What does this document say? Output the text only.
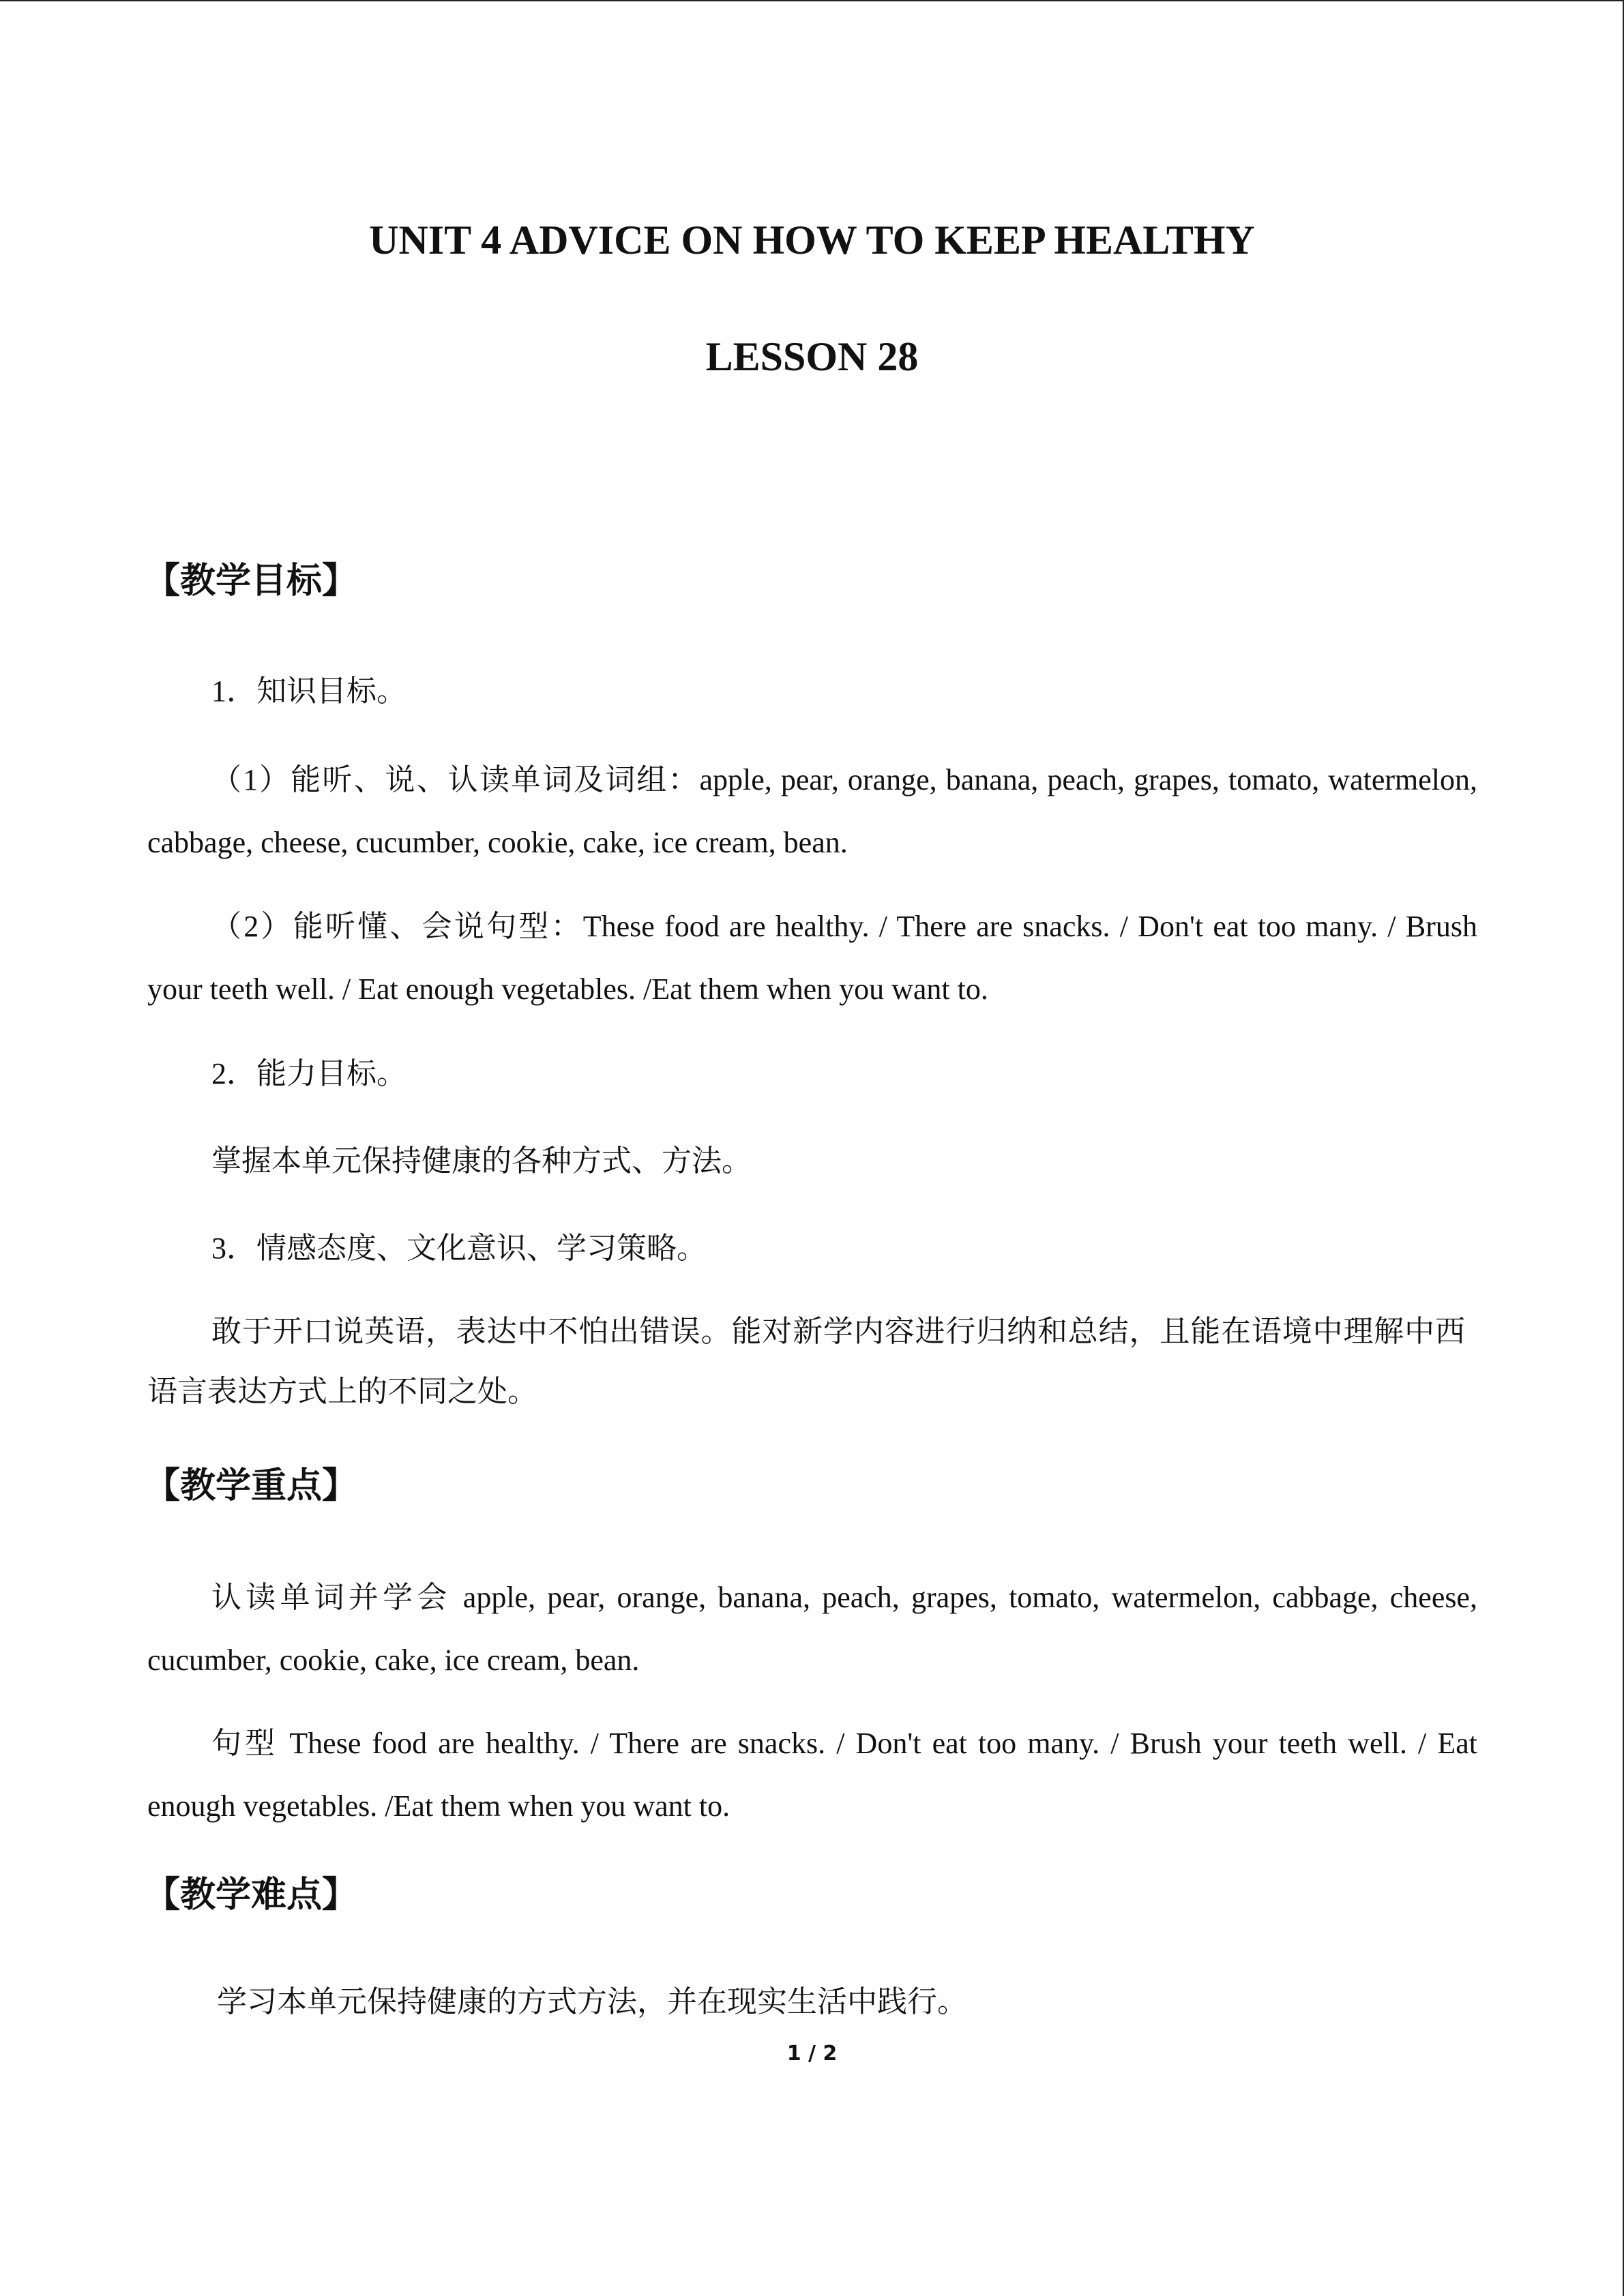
UNIT 4 ADVICE ON HOW TO KEEP HEALTHY
LESSON 28
【教学目标】
1．知识目标。
（1）能听、说、认读单词及词组：apple, pear, orange, banana, peach, grapes, tomato, watermelon, cabbage, cheese, cucumber, cookie, cake, ice cream, bean.
（2）能听懂、会说句型：These food are healthy. / There are snacks. / Don't eat too many. / Brush your teeth well. / Eat enough vegetables. /Eat them when you want to.
2．能力目标。
掌握本单元保持健康的各种方式、方法。
3．情感态度、文化意识、学习策略。
敢于开口说英语，表达中不怕出错误。能对新学内容进行归纳和总结，且能在语境中理解中西语言表达方式上的不同之处。
【教学重点】
认读单词并学会 apple, pear, orange, banana, peach, grapes, tomato, watermelon, cabbage, cheese, cucumber, cookie, cake, ice cream, bean.
句型 These food are healthy. / There are snacks. / Don't eat too many. / Brush your teeth well. / Eat enough vegetables. /Eat them when you want to.
【教学难点】
学习本单元保持健康的方式方法，并在现实生活中践行。
1 / 2
